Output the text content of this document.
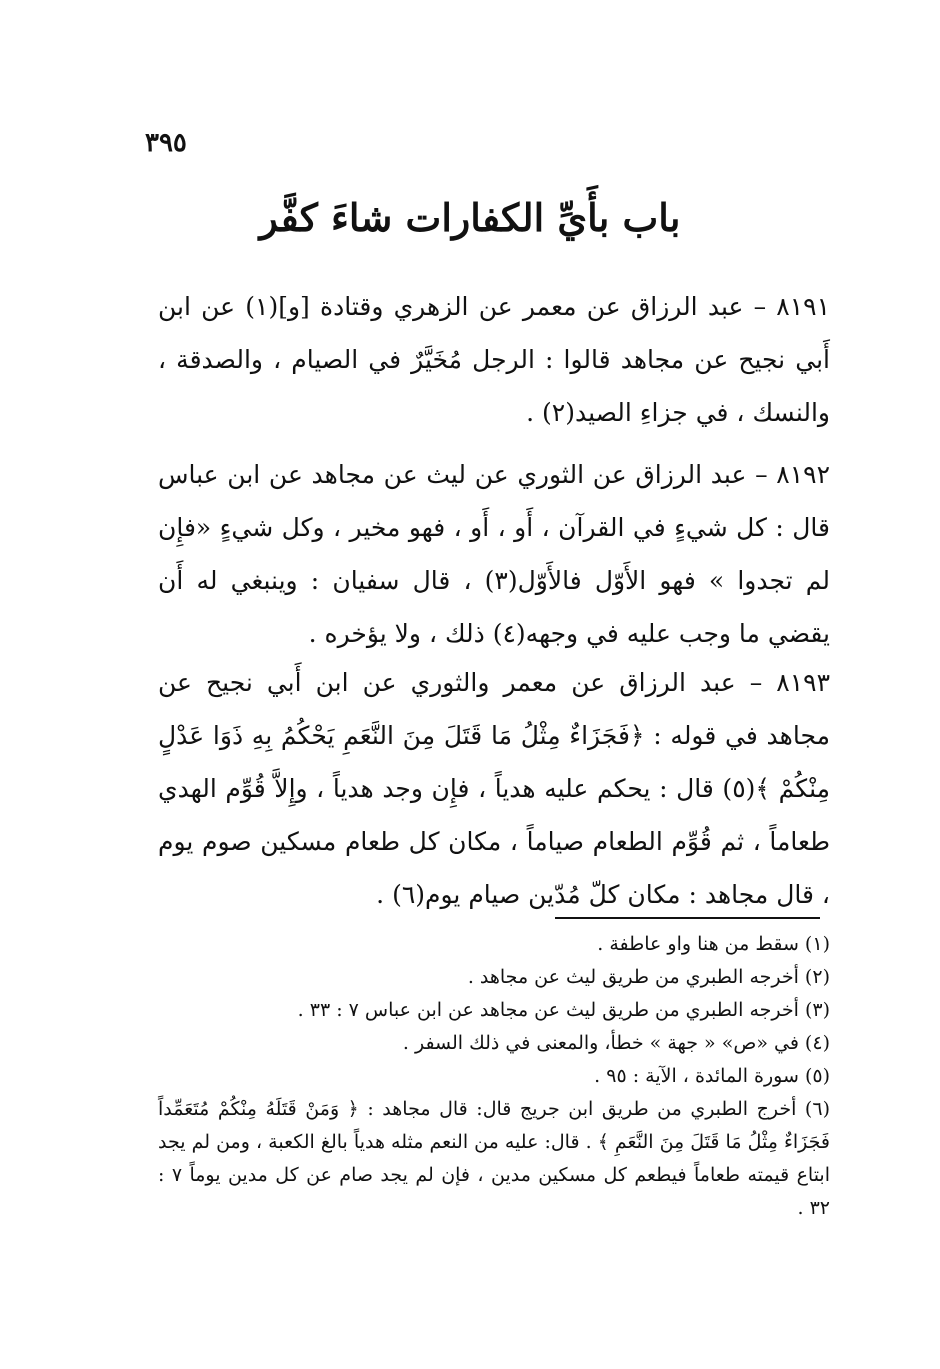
٣٩٥
باب بأَيِّ الكفارات شاءَ كفَّر

٨١٩١ – عبد الرزاق عن معمر عن الزهري وقتادة [و](١) عن ابن أَبي نجيح عن مجاهد قالوا : الرجل مُخَيَّرٌ في الصيام ، والصدقة ، والنسك ، في جزاءِ الصيد(٢) .

٨١٩٢ – عبد الرزاق عن الثوري عن ليث عن مجاهد عن ابن عباس قال : كل شيءٍ في القرآن ، أَو ، أَو ، فهو مخير ، وكل شيءٍ «فإِن لم تجدوا » فهو الأَوّل فالأَوّل(٣) ، قال سفيان : وينبغي له أَن يقضي ما وجب عليه في وجهه(٤) ذلك ، ولا يؤخره .

٨١٩٣ – عبد الرزاق عن معمر والثوري عن ابن أَبي نجيح عن مجاهد في قوله : ﴿فَجَزَاءٌ مِثْلُ مَا قَتَلَ مِنَ النَّعَمِ يَحْكُمُ بِهِ ذَوَا عَدْلٍ مِنْكُمْ ﴾(٥) قال : يحكم عليه هدياً ، فإِن وجد هدياً ، وإِلاَّ قُوِّم الهدي طعاماً ، ثم قُوِّم الطعام صياماً ، مكان كل طعام مسكين صوم يوم ، قال مجاهد : مكان كلّ مُدّين صيام يوم(٦) .

(١) سقط من هنا واو عاطفة .

(٢) أخرجه الطبري من طريق ليث عن مجاهد .

(٣) أخرجه الطبري من طريق ليث عن مجاهد عن ابن عباس ٧ : ٣٣ .

(٤) في «ص» « جهة » خطأ، والمعنى في ذلك السفر .

(٥) سورة المائدة ، الآية : ٩٥ .

(٦) أخرج الطبري من طريق ابن جريج قال: قال مجاهد : ﴿ وَمَنْ قَتَلَهُ مِنْكُمْ مُتَعَمِّداً فَجَزَاءٌ مِثْلُ مَا قَتَلَ مِنَ النَّعَمِ ﴾ . قال: عليه من النعم مثله هدياً بالغ الكعبة ، ومن لم يجد ابتاع قيمته طعاماً فيطعم كل مسكين مدين ، فإن لم يجد صام عن كل مدين يوماً ٧ : ٣٢ .
